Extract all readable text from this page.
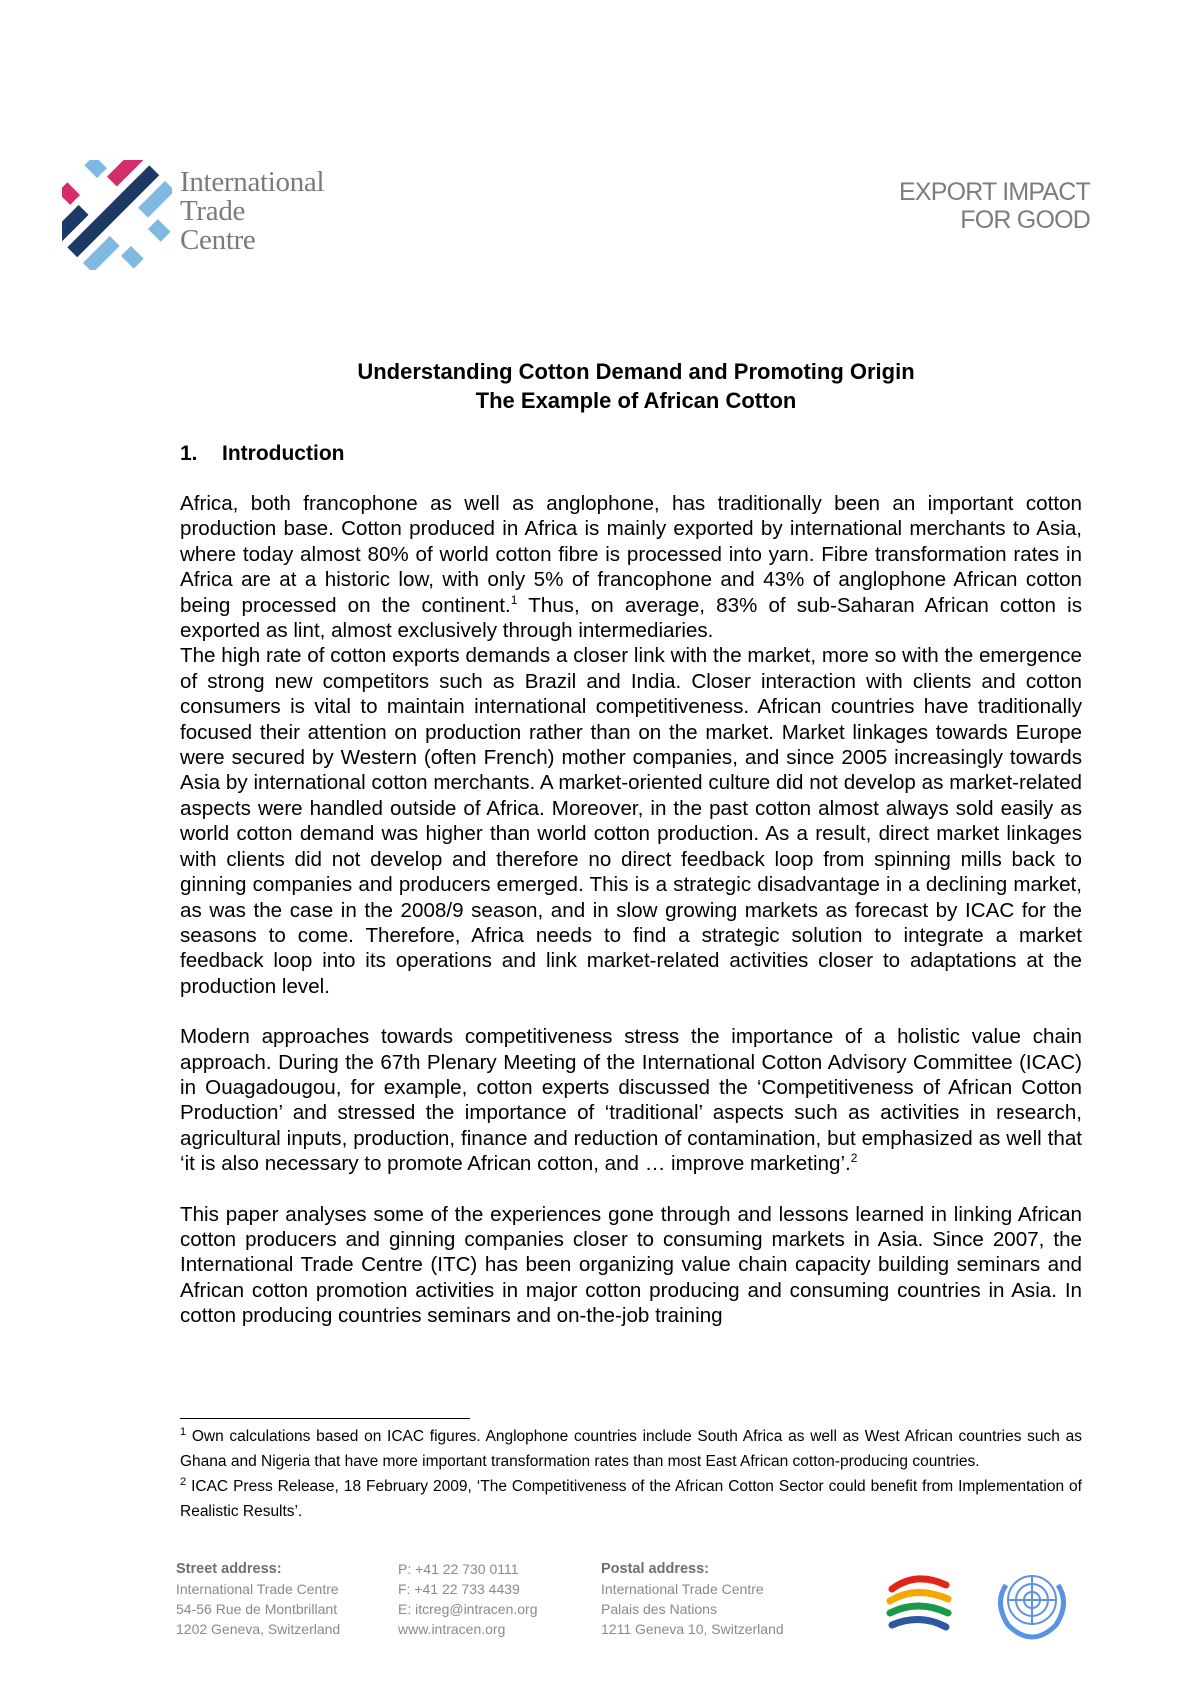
International
Trade
Centre
EXPORT IMPACT
FOR GOOD
Understanding Cotton Demand and Promoting Origin
The Example of African Cotton
1. Introduction

Africa, both francophone as well as anglophone, has traditionally been an important cotton production base. Cotton produced in Africa is mainly exported by international merchants to Asia, where today almost 80% of world cotton fibre is processed into yarn. Fibre transformation rates in Africa are at a historic low, with only 5% of francophone and 43% of anglophone African cotton being processed on the continent.$^1$ Thus, on average, 83% of sub-Saharan African cotton is exported as lint, almost exclusively through intermediaries.

The high rate of cotton exports demands a closer link with the market, more so with the emergence of strong new competitors such as Brazil and India. Closer interaction with clients and cotton consumers is vital to maintain international competitiveness. African countries have traditionally focused their attention on production rather than on the market. Market linkages towards Europe were secured by Western (often French) mother companies, and since 2005 increasingly towards Asia by international cotton merchants. A market-oriented culture did not develop as market-related aspects were handled outside of Africa. Moreover, in the past cotton almost always sold easily as world cotton demand was higher than world cotton production. As a result, direct market linkages with clients did not develop and therefore no direct feedback loop from spinning mills back to ginning companies and producers emerged. This is a strategic disadvantage in a declining market, as was the case in the 2008/9 season, and in slow growing markets as forecast by ICAC for the seasons to come. Therefore, Africa needs to find a strategic solution to integrate a market feedback loop into its operations and link market-related activities closer to adaptations at the production level.

Modern approaches towards competitiveness stress the importance of a holistic value chain approach. During the 67th Plenary Meeting of the International Cotton Advisory Committee (ICAC) in Ouagadougou, for example, cotton experts discussed the ‘Competitiveness of African Cotton Production’ and stressed the importance of ‘traditional’ aspects such as activities in research, agricultural inputs, production, finance and reduction of contamination, but emphasized as well that ‘it is also necessary to promote African cotton, and … improve marketing’.$^2$

This paper analyses some of the experiences gone through and lessons learned in linking African cotton producers and ginning companies closer to consuming markets in Asia. Since 2007, the International Trade Centre (ITC) has been organizing value chain capacity building seminars and African cotton promotion activities in major cotton producing and consuming countries in Asia. In cotton producing countries seminars and on-the-job training

$^1$ Own calculations based on ICAC figures. Anglophone countries include South Africa as well as West African countries such as Ghana and Nigeria that have more important transformation rates than most East African cotton-producing countries.

$^2$ ICAC Press Release, 18 February 2009, ‘The Competitiveness of the African Cotton Sector could benefit from Implementation of Realistic Results’.

Street address:
International Trade Centre
54-56 Rue de Montbrillant
1202 Geneva, Switzerland
P: +41 22 730 0111
F: +41 22 733 4439
E: itcreg@intracen.org
www.intracen.org
Postal address:
International Trade Centre
Palais des Nations
1211 Geneva 10, Switzerland
